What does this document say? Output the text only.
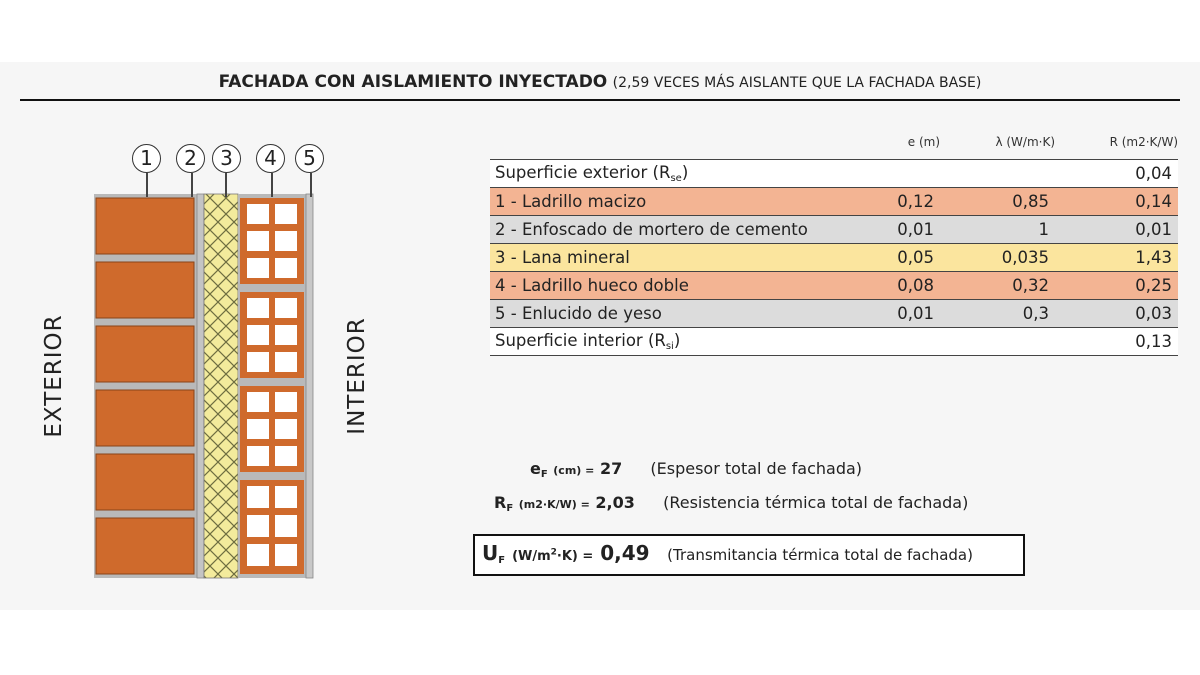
FACHADA CON AISLAMIENTO INYECTADO (2,59 VECES MÁS AISLANTE QUE LA FACHADA BASE)
EXTERIOR	INTERIOR
1	2	3	4	5
	e (m)	λ (W/m·K)	R (m2·K/W)
Superficie exterior $(R_{se})$			0,04
1 - Ladrillo macizo	0,12	0,85	0,14
2 - Enfoscado de mortero de cemento	0,01	1	0,01
3 - Lana mineral	0,05	0,035	1,43
4 - Ladrillo hueco doble	0,08	0,32	0,25
5 - Enlucido de yeso	0,01	0,3	0,03
Superficie interior $(R_{si})$			0,13
$e_F$ (cm) = 27 (Espesor total de fachada)
$R_F$ (m2·K/W) = 2,03 (Resistencia térmica total de fachada)
$U_F$ $(W/m^2\cdot K) = 0,49$ (Transmitancia térmica total de fachada)
